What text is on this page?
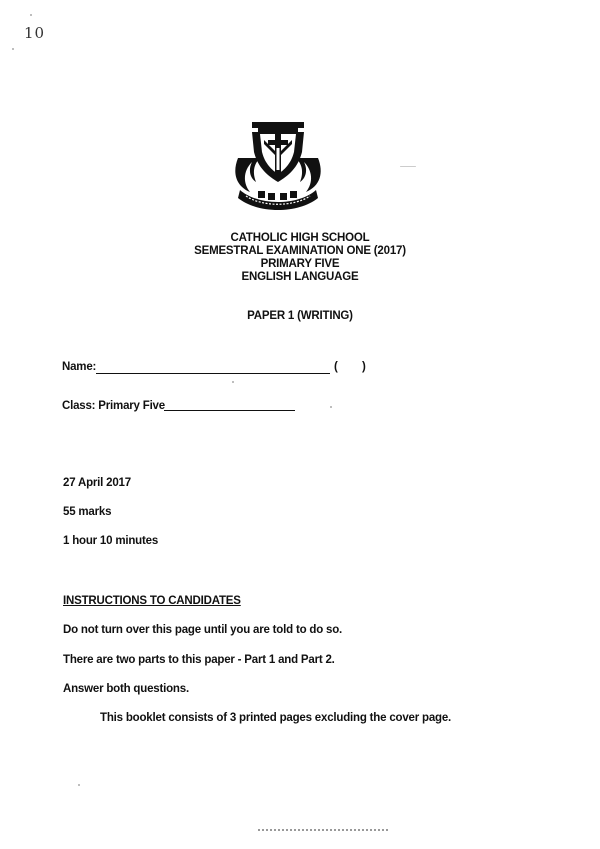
10
CATHOLIC HIGH SCHOOL
SEMESTRAL EXAMINATION ONE (2017)
PRIMARY FIVE
ENGLISH LANGUAGE
PAPER 1 (WRITING)
Name:	( )
Class: Primary Five
27 April 2017
55 marks
1 hour 10 minutes
INSTRUCTIONS TO CANDIDATES
Do not turn over this page until you are told to do so.
There are two parts to this paper - Part 1 and Part 2.
Answer both questions.
This booklet consists of 3 printed pages excluding the cover page.
